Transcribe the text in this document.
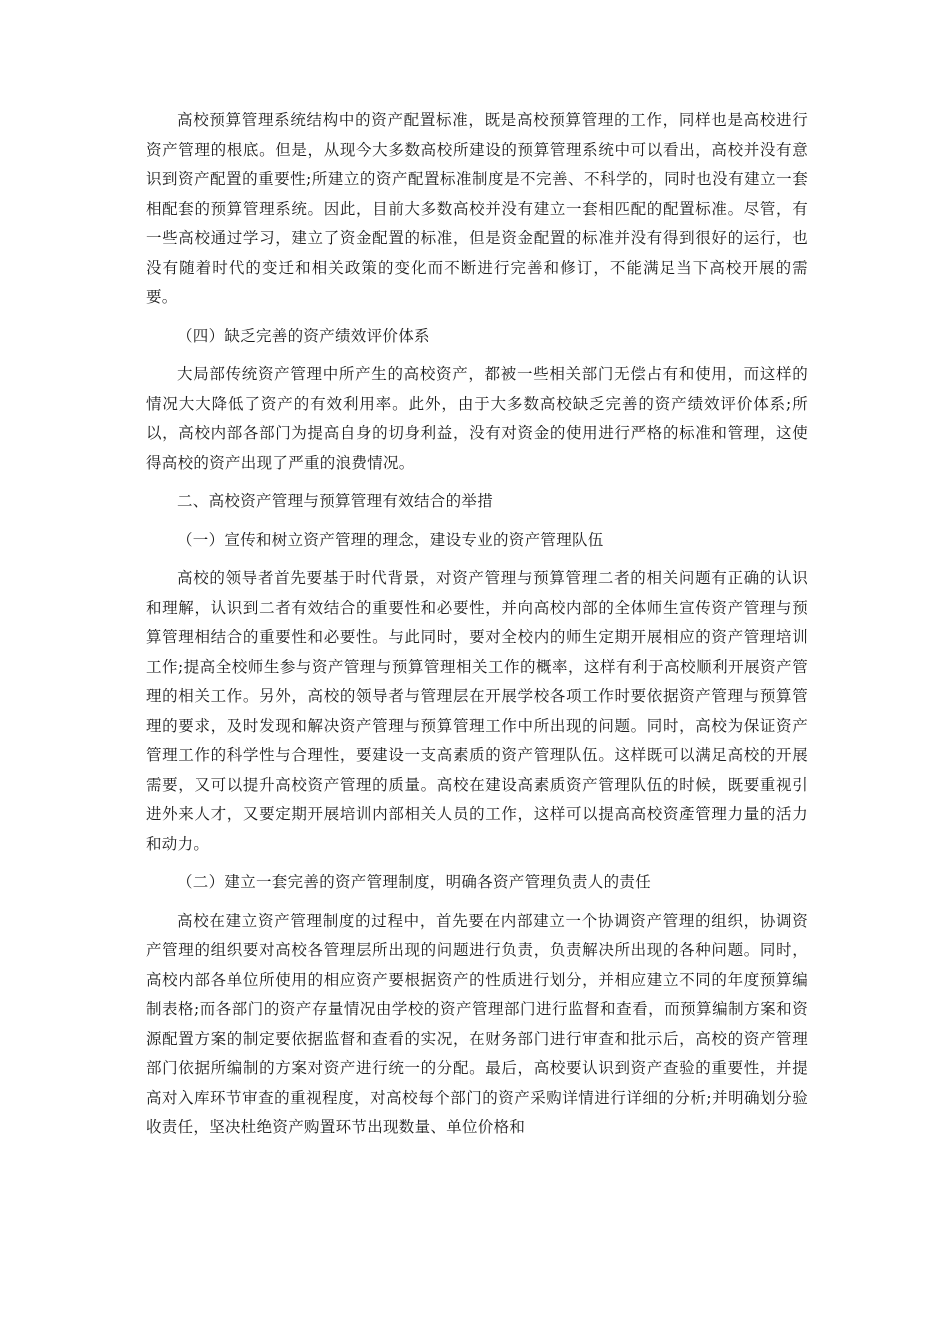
高校预算管理系统结构中的资产配置标准，既是高校预算管理的工作，同样也是高校进行资产管理的根底。但是，从现今大多数高校所建设的预算管理系统中可以看出，高校并没有意识到资产配置的重要性;所建立的资产配置标准制度是不完善、不科学的，同时也没有建立一套相配套的预算管理系统。因此，目前大多数高校并没有建立一套相匹配的配置标准。尽管，有一些高校通过学习，建立了资金配置的标准，但是资金配置的标准并没有得到很好的运行，也没有随着时代的变迁和相关政策的变化而不断进行完善和修订，不能满足当下高校开展的需要。

（四）缺乏完善的资产绩效评价体系

大局部传统资产管理中所产生的高校资产，都被一些相关部门无偿占有和使用，而这样的情况大大降低了资产的有效利用率。此外，由于大多数高校缺乏完善的资产绩效评价体系;所以，高校内部各部门为提高自身的切身利益，没有对资金的使用进行严格的标准和管理，这使得高校的资产出现了严重的浪费情况。

二、高校资产管理与预算管理有效结合的举措

（一）宣传和树立资产管理的理念，建设专业的资产管理队伍

高校的领导者首先要基于时代背景，对资产管理与预算管理二者的相关问题有正确的认识和理解，认识到二者有效结合的重要性和必要性，并向高校内部的全体师生宣传资产管理与预算管理相结合的重要性和必要性。与此同时，要对全校内的师生定期开展相应的资产管理培训工作;提高全校师生参与资产管理与预算管理相关工作的概率，这样有利于高校顺利开展资产管理的相关工作。另外，高校的领导者与管理层在开展学校各项工作时要依据资产管理与预算管理的要求，及时发现和解决资产管理与预算管理工作中所出现的问题。同时，高校为保证资产管理工作的科学性与合理性，要建设一支高素质的资产管理队伍。这样既可以满足高校的开展需要，又可以提升高校资产管理的质量。高校在建设高素质资产管理队伍的时候，既要重视引进外来人才，又要定期开展培训内部相关人员的工作，这样可以提高高校资產管理力量的活力和动力。

（二）建立一套完善的资产管理制度，明确各资产管理负责人的责任

高校在建立资产管理制度的过程中，首先要在内部建立一个协调资产管理的组织，协调资产管理的组织要对高校各管理层所出现的问题进行负责，负责解决所出现的各种问题。同时，高校内部各单位所使用的相应资产要根据资产的性质进行划分，并相应建立不同的年度预算编制表格;而各部门的资产存量情况由学校的资产管理部门进行监督和查看，而预算编制方案和资源配置方案的制定要依据监督和查看的实况，在财务部门进行审查和批示后，高校的资产管理部门依据所编制的方案对资产进行统一的分配。最后，高校要认识到资产查验的重要性，并提高对入库环节审查的重视程度，对高校每个部门的资产采购详情进行详细的分析;并明确划分验收责任，坚决杜绝资产购置环节出现数量、单位价格和
